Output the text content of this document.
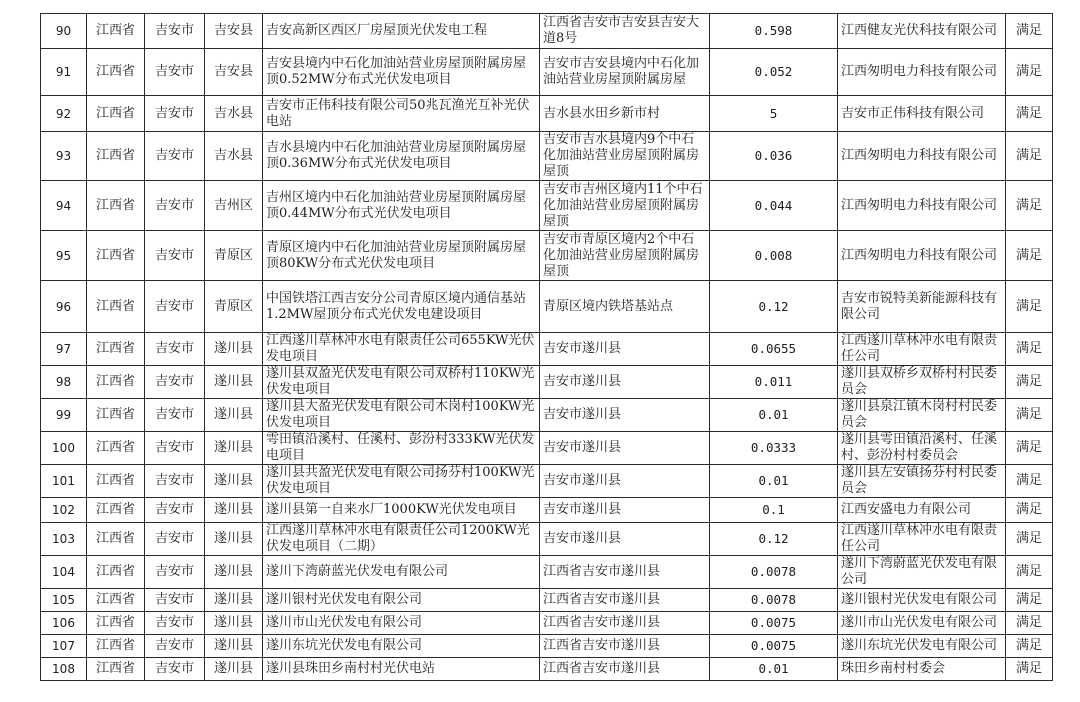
90	江西省	吉安市	吉安县	吉安高新区西区厂房屋顶光伏发电工程	江西省吉安市吉安县吉安大道8号	0.598	江西健友光伏科技有限公司	满足
91	江西省	吉安市	吉安县	吉安县境内中石化加油站营业房屋顶附属房屋顶0.52MW分布式光伏发电项目	吉安市吉安县境内中石化加油站营业房屋顶附属房屋	0.052	江西匆明电力科技有限公司	满足
92	江西省	吉安市	吉水县	吉安市正伟科技有限公司50兆瓦渔光互补光伏电站	吉水县水田乡新市村	5	吉安市正伟科技有限公司	满足
93	江西省	吉安市	吉水县	吉水县境内中石化加油站营业房屋顶附属房屋顶0.36MW分布式光伏发电项目	吉安市吉水县境内9个中石化加油站营业房屋顶附属房屋顶	0.036	江西匆明电力科技有限公司	满足
94	江西省	吉安市	吉州区	吉州区境内中石化加油站营业房屋顶附属房屋顶0.44MW分布式光伏发电项目	吉安市吉州区境内11个中石化加油站营业房屋顶附属房屋顶	0.044	江西匆明电力科技有限公司	满足
95	江西省	吉安市	青原区	青原区境内中石化加油站营业房屋顶附属房屋顶80KW分布式光伏发电项目	吉安市青原区境内2个中石化加油站营业房屋顶附属房屋顶	0.008	江西匆明电力科技有限公司	满足
96	江西省	吉安市	青原区	中国铁塔江西吉安分公司青原区境内通信基站1.2MW屋顶分布式光伏发电建设项目	青原区境内铁塔基站点	0.12	吉安市锐特美新能源科技有限公司	满足
97	江西省	吉安市	遂川县	江西遂川草林冲水电有限责任公司655KW光伏发电项目	吉安市遂川县	0.0655	江西遂川草林冲水电有限责任公司	满足
98	江西省	吉安市	遂川县	遂川县双盈光伏发电有限公司双桥村110KW光伏发电项目	吉安市遂川县	0.011	遂川县双桥乡双桥村村民委员会	满足
99	江西省	吉安市	遂川县	遂川县大盈光伏发电有限公司木岗村100KW光伏发电项目	吉安市遂川县	0.01	遂川县泉江镇木岗村村民委员会	满足
100	江西省	吉安市	遂川县	雩田镇沿溪村、任溪村、彭汾村333KW光伏发电项目	吉安市遂川县	0.0333	遂川县雩田镇沿溪村、任溪村、彭汾村村委员会	满足
101	江西省	吉安市	遂川县	遂川县共盈光伏发电有限公司扬芬村100KW光伏发电项目	吉安市遂川县	0.01	遂川县左安镇扬芬村村民委员会	满足
102	江西省	吉安市	遂川县	遂川县第一自来水厂1000KW光伏发电项目	吉安市遂川县	0.1	江西安盛电力有限公司	满足
103	江西省	吉安市	遂川县	江西遂川草林冲水电有限责任公司1200KW光伏发电项目（二期）	吉安市遂川县	0.12	江西遂川草林冲水电有限责任公司	满足
104	江西省	吉安市	遂川县	遂川下湾蔚蓝光伏发电有限公司	江西省吉安市遂川县	0.0078	遂川下湾蔚蓝光伏发电有限公司	满足
105	江西省	吉安市	遂川县	遂川银村光伏发电有限公司	江西省吉安市遂川县	0.0078	遂川银村光伏发电有限公司	满足
106	江西省	吉安市	遂川县	遂川市山光伏发电有限公司	江西省吉安市遂川县	0.0075	遂川市山光伏发电有限公司	满足
107	江西省	吉安市	遂川县	遂川东坑光伏发电有限公司	江西省吉安市遂川县	0.0075	遂川东坑光伏发电有限公司	满足
108	江西省	吉安市	遂川县	遂川县珠田乡南村村光伏电站	江西省吉安市遂川县	0.01	珠田乡南村村委会	满足
